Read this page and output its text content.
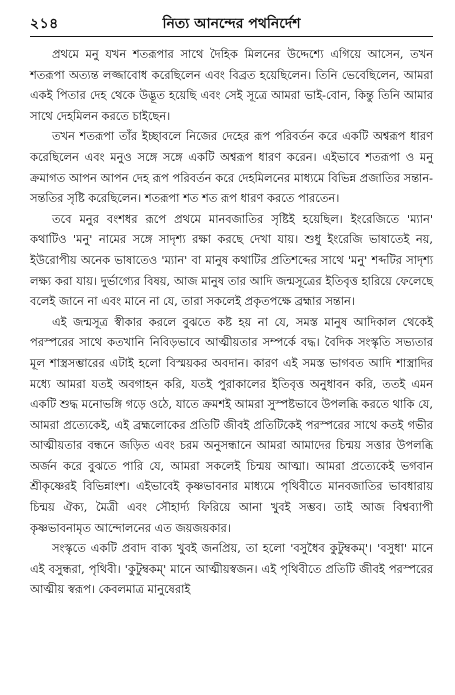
২১৪	নিত্য আনন্দের পথনির্দেশ

প্রথমে মনু যখন শতরূপার সাথে দৈহিক মিলনের উদ্দেশ্যে এগিয়ে আসেন, তখন শতরূপা অত্যন্ত লজ্জাবোধ করেছিলেন এবং বিব্রত হয়েছিলেন। তিনি ভেবেছিলেন, আমরা একই পিতার দেহ থেকে উদ্ভূত হয়েছি এবং সেই সূত্রে আমরা ভাই-বোন, কিন্তু তিনি আমার সাথে দেহমিলন করতে চাইছেন।

তখন শতরূপা তাঁর ইচ্ছাবলে নিজের দেহের রূপ পরিবর্তন করে একটি অশ্বরূপ ধারণ করেছিলেন এবং মনুও সঙ্গে সঙ্গে একটি অশ্বরূপ ধারণ করেন। এইভাবে শতরূপা ও মনু ক্রমাগত আপন আপন দেহ রূপ পরিবর্তন করে দেহমিলনের মাধ্যমে বিভিন্ন প্রজাতির সন্তান-সন্ততির সৃষ্টি করেছিলেন। শতরূপা শত শত রূপ ধারণ করতে পারতেন।

তবে মনুর বংশধর রূপে প্রথমে মানবজাতির সৃষ্টিই হয়েছিল। ইংরেজিতে 'ম্যান' কথাটিও 'মনু' নামের সঙ্গে সাদৃশ্য রক্ষা করছে দেখা যায়। শুধু ইংরেজি ভাষাতেই নয়, ইউরোপীয় অনেক ভাষাতেও 'ম্যান' বা মানুষ কথাটির প্রতিশব্দের সাথে 'মনু' শব্দটির সাদৃশ্য লক্ষ্য করা যায়। দুর্ভাগ্যের বিষয়, আজ মানুষ তার আদি জন্মসূত্রের ইতিবৃত্ত হারিয়ে ফেলেছে বলেই জানে না এবং মানে না যে, তারা সকলেই প্রকৃতপক্ষে ব্রহ্মার সন্তান।

এই জন্মসূত্র স্বীকার করলে বুঝতে কষ্ট হয় না যে, সমস্ত মানুষ আদিকাল থেকেই পরস্পরের সাথে কতখানি নিবিড়ভাবে আত্মীয়তার সম্পর্কে বদ্ধ। বৈদিক সংস্কৃতি সভ্যতার মূল শাস্ত্রসম্ভারের এটাই হলো বিস্ময়কর অবদান। কারণ এই সমস্ত ভাগবত আদি শাস্ত্রাদির মধ্যে আমরা যতই অবগাহন করি, যতই পুরাকালের ইতিবৃত্ত অনুধাবন করি, ততই এমন একটি শুদ্ধ মনোভঙ্গি গড়ে ওঠে, যাতে ক্রমশই আমরা সুস্পষ্টভাবে উপলব্ধি করতে থাকি যে, আমরা প্রত্যেকেই, এই ব্রহ্মলোকের প্রতিটি জীবই প্রতিটিকেই পরস্পরের সাথে কতই গভীর আত্মীয়তার বন্ধনে জড়িত এবং চরম অনুসন্ধানে আমরা আমাদের চিন্ময় সত্তার উপলব্ধি অর্জন করে বুঝতে পারি যে, আমরা সকলেই চিন্ময় আত্মা। আমরা প্রত্যেকেই ভগবান শ্রীকৃষ্ণেরই বিভিন্নাংশ। এইভাবেই কৃষ্ণভাবনার মাধ্যমে পৃথিবীতে মানবজাতির ভাবধারায় চিন্ময় ঐক্য, মৈত্রী এবং সৌহার্দ্য ফিরিয়ে আনা খুবই সম্ভব। তাই আজ বিশ্বব্যাপী কৃষ্ণভাবনামৃত আন্দোলনের এত জয়জয়কার।

সংস্কৃতে একটি প্রবাদ বাক্য খুবই জনপ্রিয়, তা হলো 'বসুধৈব কুটুম্বকম্'। 'বসুধা' মানে এই বসুন্ধরা, পৃথিবী। 'কুটুম্বকম্' মানে আত্মীয়স্বজন। এই পৃথিবীতে প্রতিটি জীবই পরস্পরের আত্মীয় স্বরূপ। কেবলমাত্র মানুষেরাই
